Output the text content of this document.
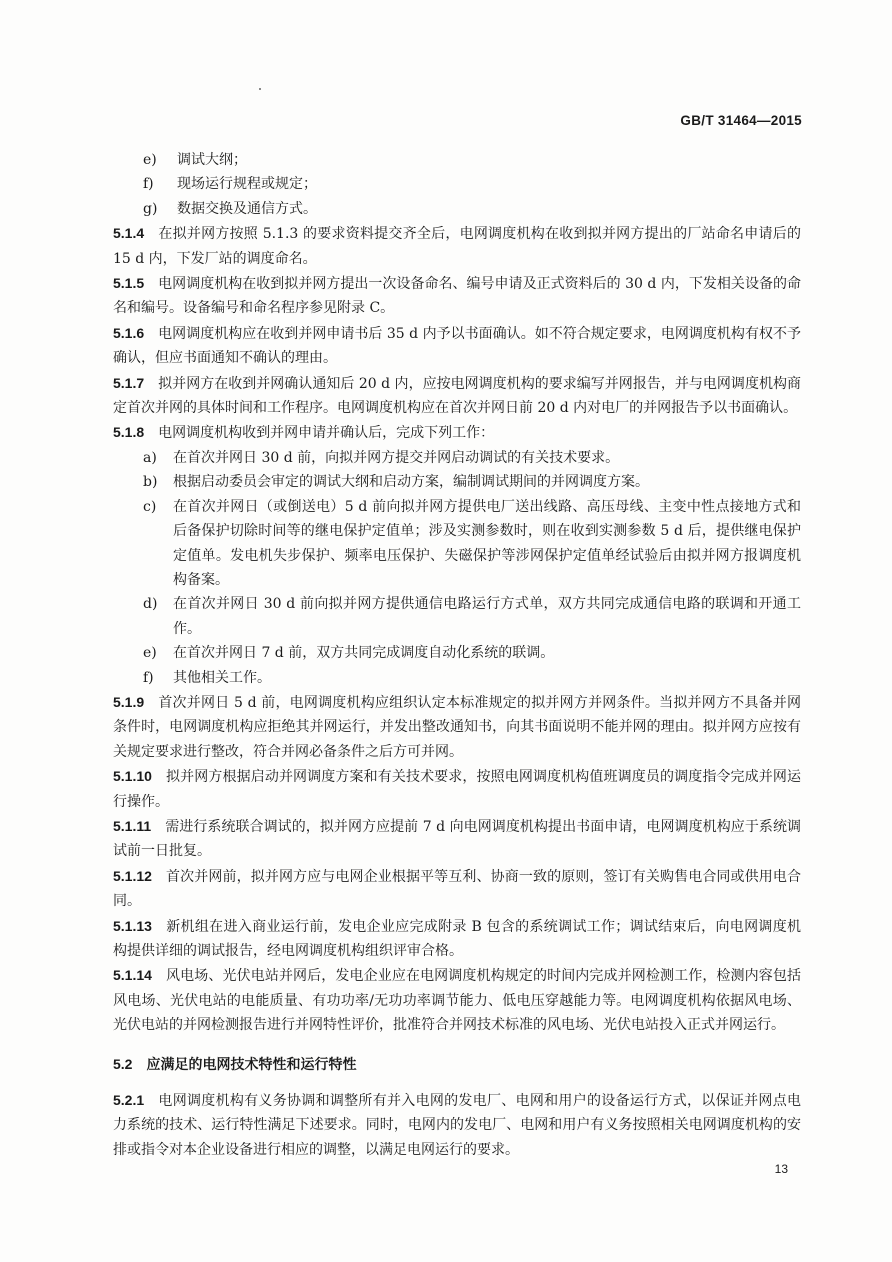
GB/T 31464—2015
e)	调试大纲；
f)	现场运行规程或规定；
g)	数据交换及通信方式。

5.1.4 在拟并网方按照 5.1.3 的要求资料提交齐全后，电网调度机构在收到拟并网方提出的厂站命名申请后的 15 d 内，下发厂站的调度命名。

5.1.5 电网调度机构在收到拟并网方提出一次设备命名、编号申请及正式资料后的 30 d 内，下发相关设备的命名和编号。设备编号和命名程序参见附录 C。

5.1.6 电网调度机构应在收到并网申请书后 35 d 内予以书面确认。如不符合规定要求，电网调度机构有权不予确认，但应书面通知不确认的理由。

5.1.7 拟并网方在收到并网确认通知后 20 d 内，应按电网调度机构的要求编写并网报告，并与电网调度机构商定首次并网的具体时间和工作程序。电网调度机构应在首次并网日前 20 d 内对电厂的并网报告予以书面确认。

5.1.8 电网调度机构收到并网申请并确认后，完成下列工作：

a)	在首次并网日 30 d 前，向拟并网方提交并网启动调试的有关技术要求。
b)	根据启动委员会审定的调试大纲和启动方案，编制调试期间的并网调度方案。
c)	在首次并网日（或倒送电）5 d 前向拟并网方提供电厂送出线路、高压母线、主变中性点接地方式和后备保护切除时间等的继电保护定值单；涉及实测参数时，则在收到实测参数 5 d 后，提供继电保护定值单。发电机失步保护、频率电压保护、失磁保护等涉网保护定值单经试验后由拟并网方报调度机构备案。
d)	在首次并网日 30 d 前向拟并网方提供通信电路运行方式单，双方共同完成通信电路的联调和开通工作。
e)	在首次并网日 7 d 前，双方共同完成调度自动化系统的联调。
f)	其他相关工作。

5.1.9 首次并网日 5 d 前，电网调度机构应组织认定本标准规定的拟并网方并网条件。当拟并网方不具备并网条件时，电网调度机构应拒绝其并网运行，并发出整改通知书，向其书面说明不能并网的理由。拟并网方应按有关规定要求进行整改，符合并网必备条件之后方可并网。

5.1.10 拟并网方根据启动并网调度方案和有关技术要求，按照电网调度机构值班调度员的调度指令完成并网运行操作。

5.1.11 需进行系统联合调试的，拟并网方应提前 7 d 向电网调度机构提出书面申请，电网调度机构应于系统调试前一日批复。

5.1.12 首次并网前，拟并网方应与电网企业根据平等互利、协商一致的原则，签订有关购售电合同或供用电合同。

5.1.13 新机组在进入商业运行前，发电企业应完成附录 B 包含的系统调试工作；调试结束后，向电网调度机构提供详细的调试报告，经电网调度机构组织评审合格。

5.1.14 风电场、光伏电站并网后，发电企业应在电网调度机构规定的时间内完成并网检测工作，检测内容包括风电场、光伏电站的电能质量、有功功率/无功功率调节能力、低电压穿越能力等。电网调度机构依据风电场、光伏电站的并网检测报告进行并网特性评价，批准符合并网技术标准的风电场、光伏电站投入正式并网运行。

5.2 应满足的电网技术特性和运行特性

5.2.1 电网调度机构有义务协调和调整所有并入电网的发电厂、电网和用户的设备运行方式，以保证并网点电力系统的技术、运行特性满足下述要求。同时，电网内的发电厂、电网和用户有义务按照相关电网调度机构的安排或指令对本企业设备进行相应的调整，以满足电网运行的要求。

13
